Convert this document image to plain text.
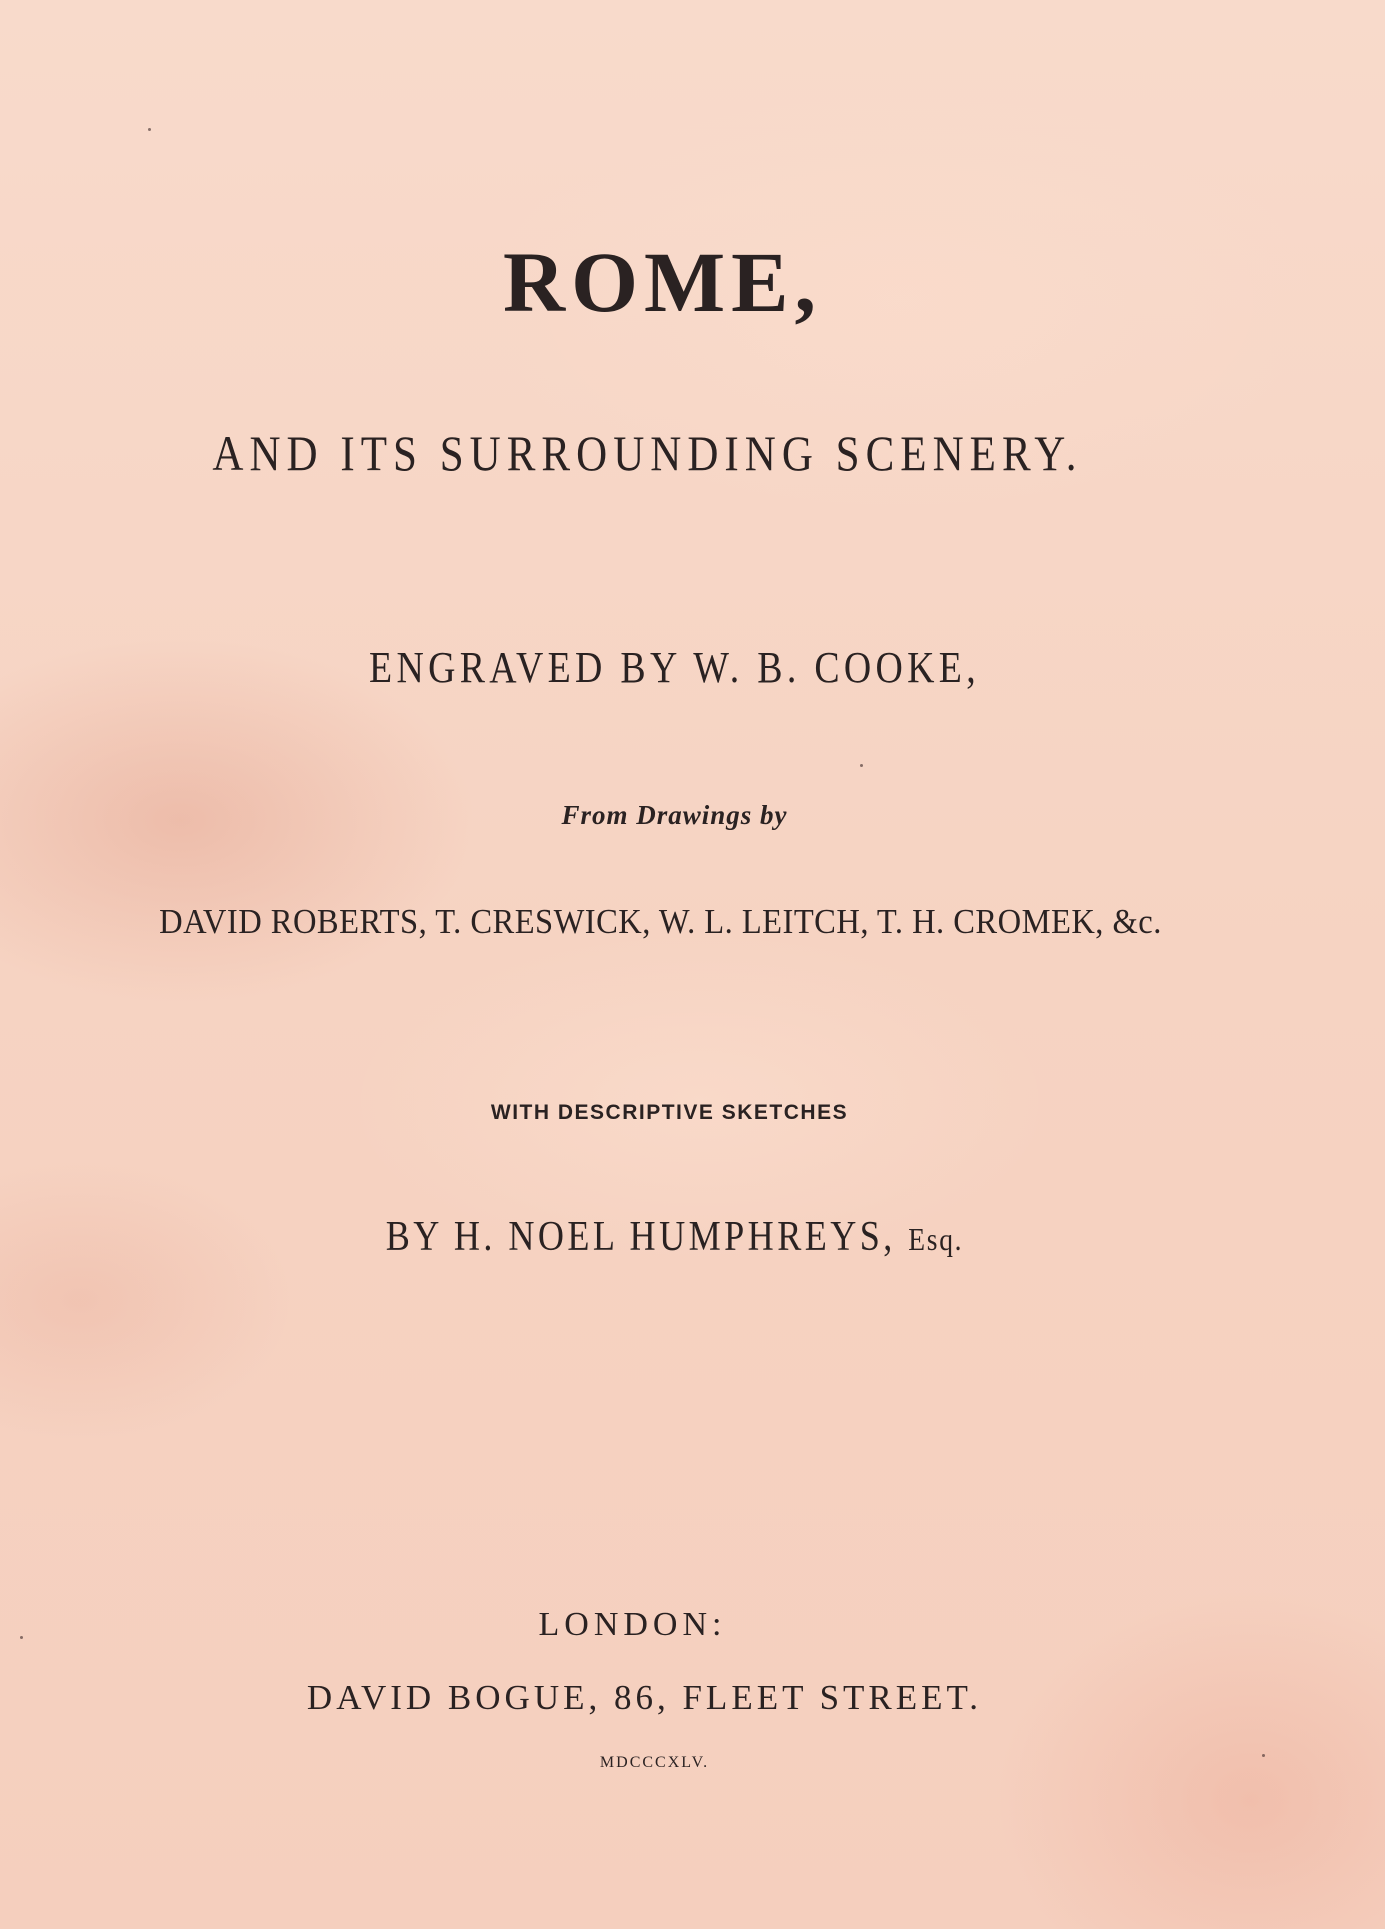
ROME,
AND ITS SURROUNDING SCENERY.
ENGRAVED BY W. B. COOKE,
From Drawings by
DAVID ROBERTS, T. CRESWICK, W. L. LEITCH, T. H. CROMEK, &c.
WITH DESCRIPTIVE SKETCHES
BY H. NOEL HUMPHREYS, Esq.
LONDON:
DAVID BOGUE, 86, FLEET STREET.
MDCCCXLV.
